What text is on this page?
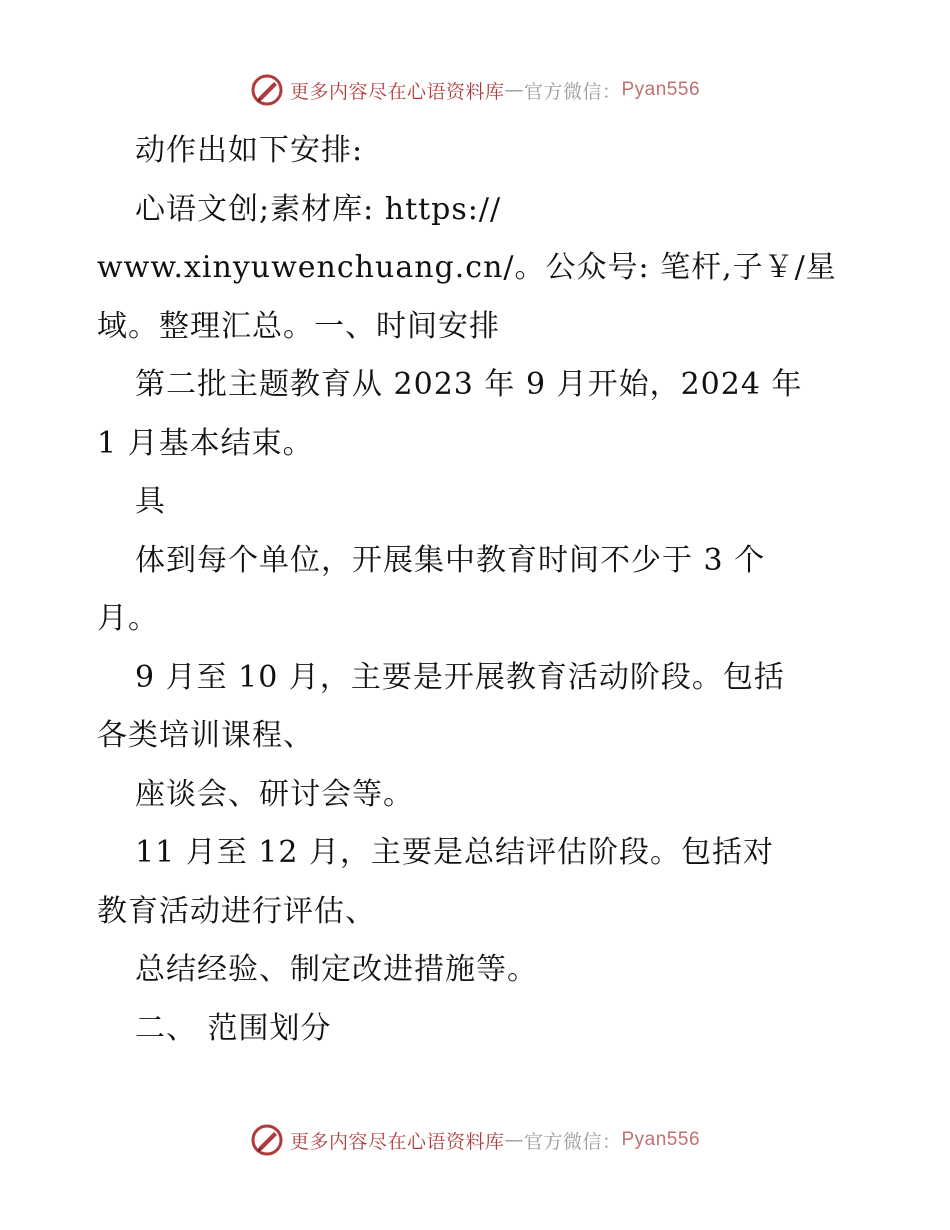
更多内容尽在心语资料库 — 官方微信： Pyan556

动作出如下安排:

心语文创;素材库: https://

www.xinyuwenchuang.cn/。公众号: 笔杆,子￥/星

域。整理汇总。一、时间安排

第二批主题教育从 2023 年 9 月开始，2024 年

1 月基本结束。

具

体到每个单位，开展集中教育时间不少于 3 个

月。

9 月至 10 月，主要是开展教育活动阶段。包括

各类培训课程、

座谈会、研讨会等。

11 月至 12 月，主要是总结评估阶段。包括对

教育活动进行评估、

总结经验、制定改进措施等。

二、 范围划分

更多内容尽在心语资料库 — 官方微信： Pyan556
